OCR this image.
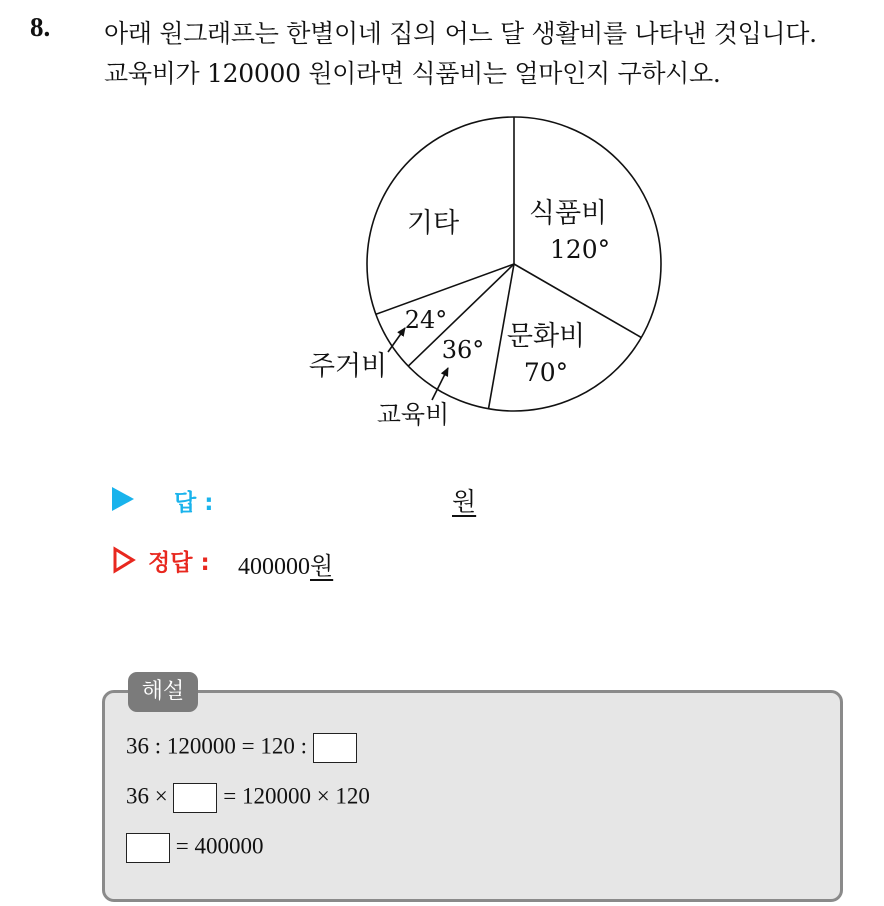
8. 아래 원그래프는 한별이네 집의 어느 달 생활비를 나타낸 것입니다.
교육비가 120000 원이라면 식품비는 얼마인지 구하시오.
식품비
120°
문화비
70°
36°
24°
기타
주거비
교육비
답 :	원
정답 : 400000원
해설
36 : 120000 = 120 :
36 × = 120000 × 120
= 400000
